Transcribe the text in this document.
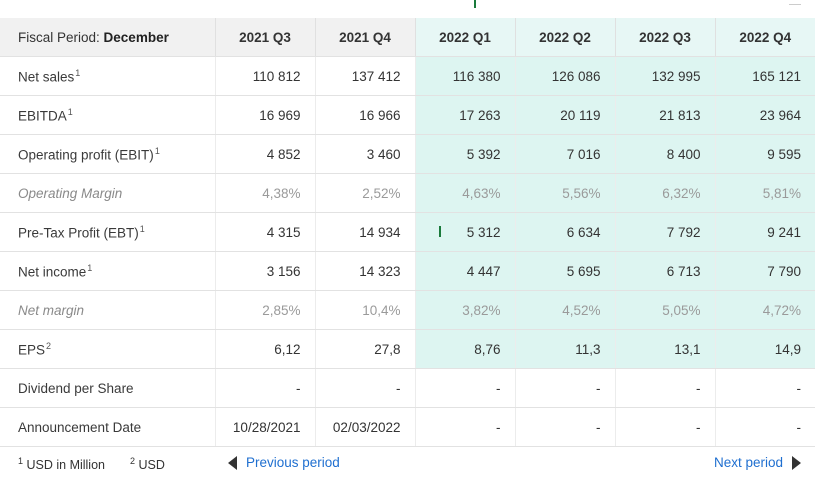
Fiscal Period: December	2021 Q3	2021 Q4	2022 Q1	2022 Q2	2022 Q3	2022 Q4
Net sales$^1$	110 812	137 412	116 380	126 086	132 995	165 121
EBITDA$^1$	16 969	16 966	17 263	20 119	21 813	23 964
Operating profit (EBIT)$^1$	4 852	3 460	5 392	7 016	8 400	9 595
Operating Margin	4,38%	2,52%	4,63%	5,56%	6,32%	5,81%
Pre-Tax Profit (EBT)$^1$	4 315	14 934	5 312	6 634	7 792	9 241
Net income$^1$	3 156	14 323	4 447	5 695	6 713	7 790
Net margin	2,85%	10,4%	3,82%	4,52%	5,05%	4,72%
EPS$^2$	6,12	27,8	8,76	11,3	13,1	14,9
Dividend per Share	-	-	-	-	-	-
Announcement Date	10/28/2021	02/03/2022	-	-	-	-
$^1$ USD in Million	$^2$ USD	Previous period	Next period
